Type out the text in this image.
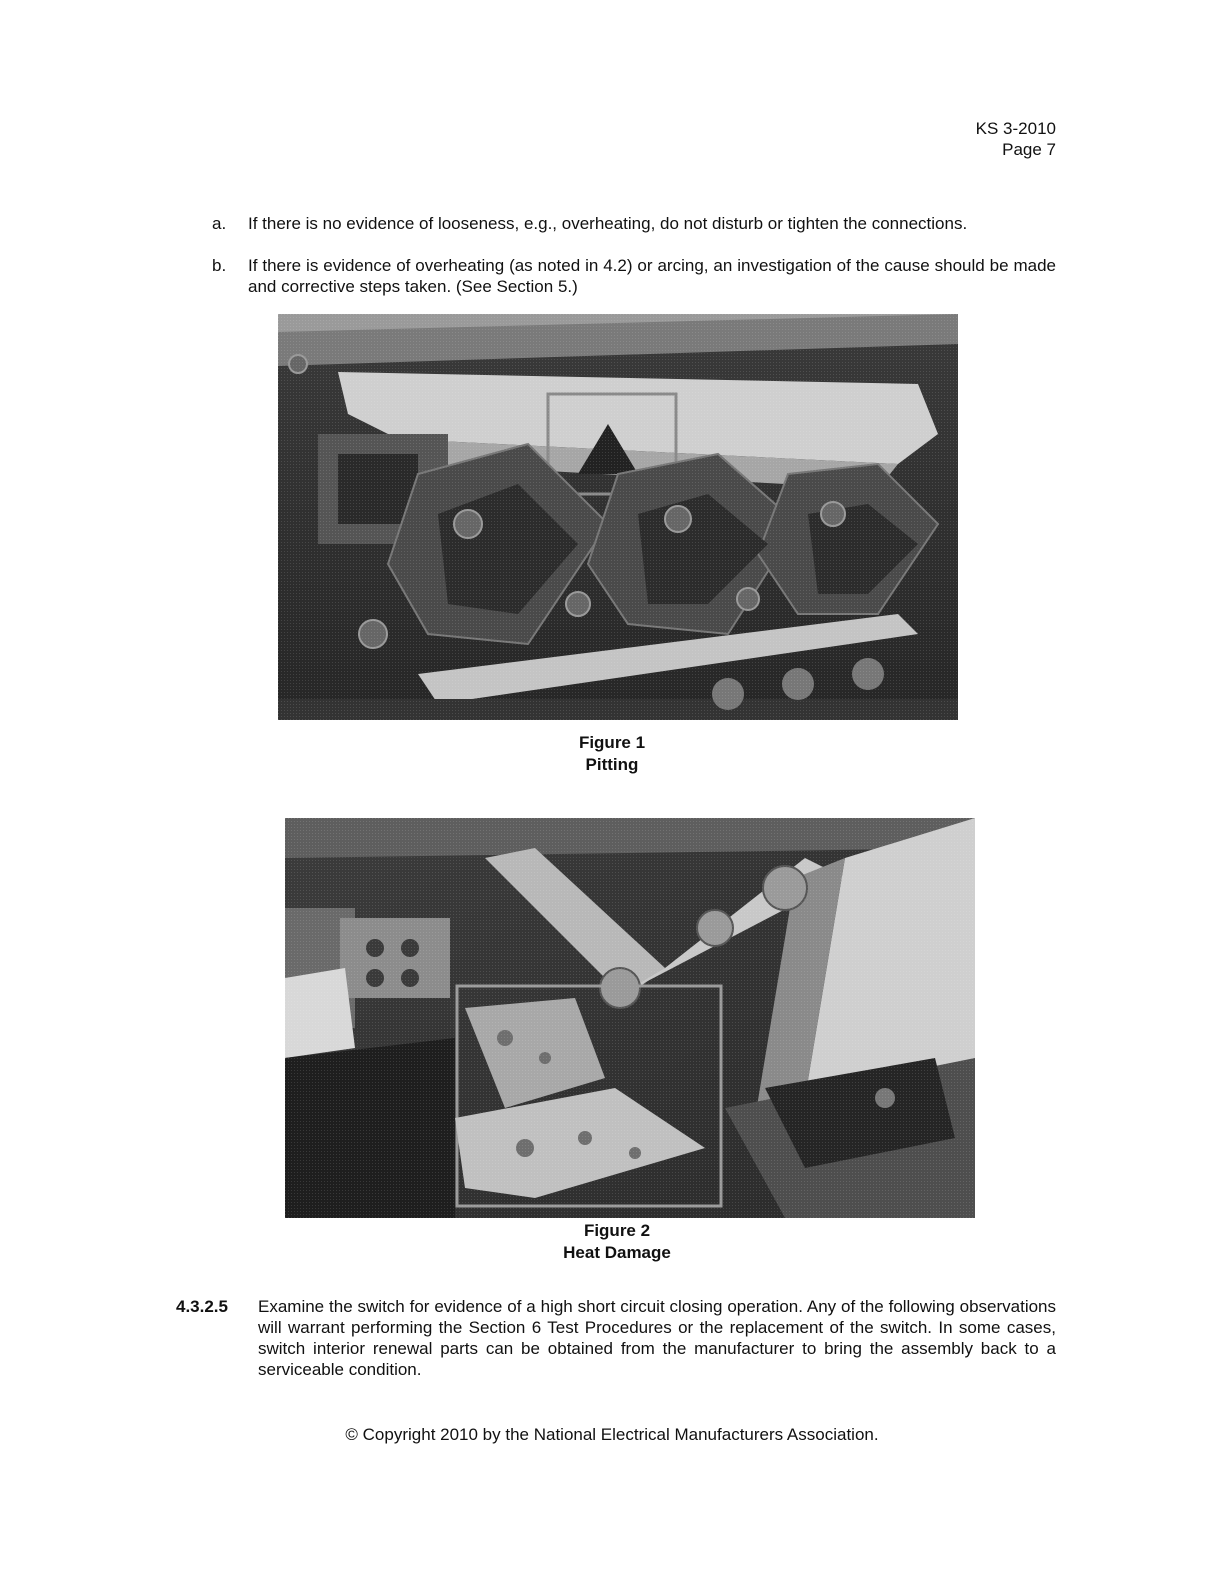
KS 3-2010
Page 7
a. If there is no evidence of looseness, e.g., overheating, do not disturb or tighten the connections.
b. If there is evidence of overheating (as noted in 4.2) or arcing, an investigation of the cause should be made and corrective steps taken. (See Section 5.)
Figure 1
Pitting
Figure 2
Heat Damage
4.3.2.5 Examine the switch for evidence of a high short circuit closing operation. Any of the following observations will warrant performing the Section 6 Test Procedures or the replacement of the switch. In some cases, switch interior renewal parts can be obtained from the manufacturer to bring the assembly back to a serviceable condition.
© Copyright 2010 by the National Electrical Manufacturers Association.
